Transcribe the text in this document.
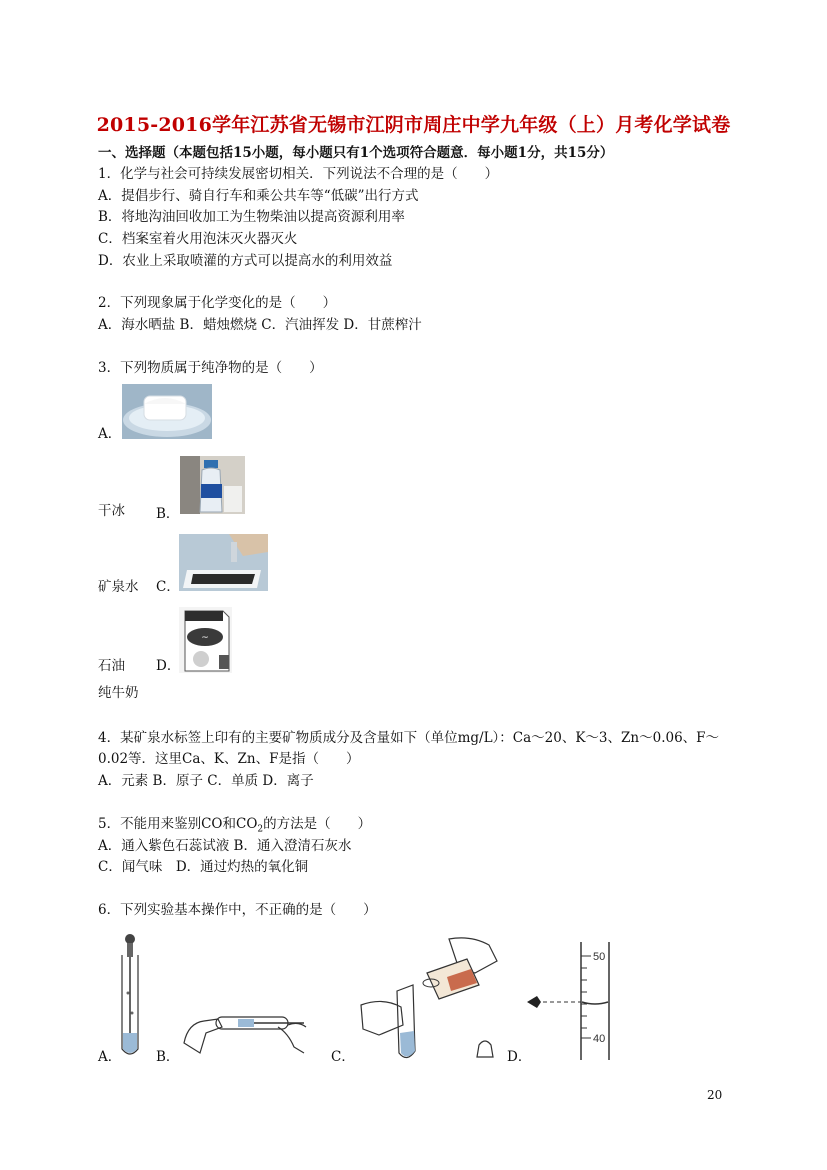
2015-2016学年江苏省无锡市江阴市周庄中学九年级（上）月考化学试卷
一、选择题（本题包括15小题，每小题只有1个选项符合题意．每小题1分，共15分）
1．化学与社会可持续发展密切相关．下列说法不合理的是（　　）
A．提倡步行、骑自行车和乘公共车等“低碳”出行方式
B．将地沟油回收加工为生物柴油以提高资源利用率
C．档案室着火用泡沫灭火器灭火
D．农业上采取喷灌的方式可以提高水的利用效益
2．下列现象属于化学变化的是（　　）
A．海水晒盐 B．蜡烛燃烧 C．汽油挥发 D．甘蔗榨汁
3．下列物质属于纯净物的是（　　）
A．
干冰 B．
矿泉水 C．
~
石油 D．
纯牛奶
4．某矿泉水标签上印有的主要矿物质成分及含量如下（单位mg/L）：Ca～20、K～3、Zn～0.06、F～
0.02等．这里Ca、K、Zn、F是指（　　）
A．元素 B．原子 C．单质 D．离子
5．不能用来鉴别CO和$CO_2$的方法是（　　）
A．通入紫色石蕊试液 B．通入澄清石灰水
C．闻气味　D．通过灼热的氧化铜
6．下列实验基本操作中，不正确的是（　　）
A．	B．	C．
50
40
D．
20
